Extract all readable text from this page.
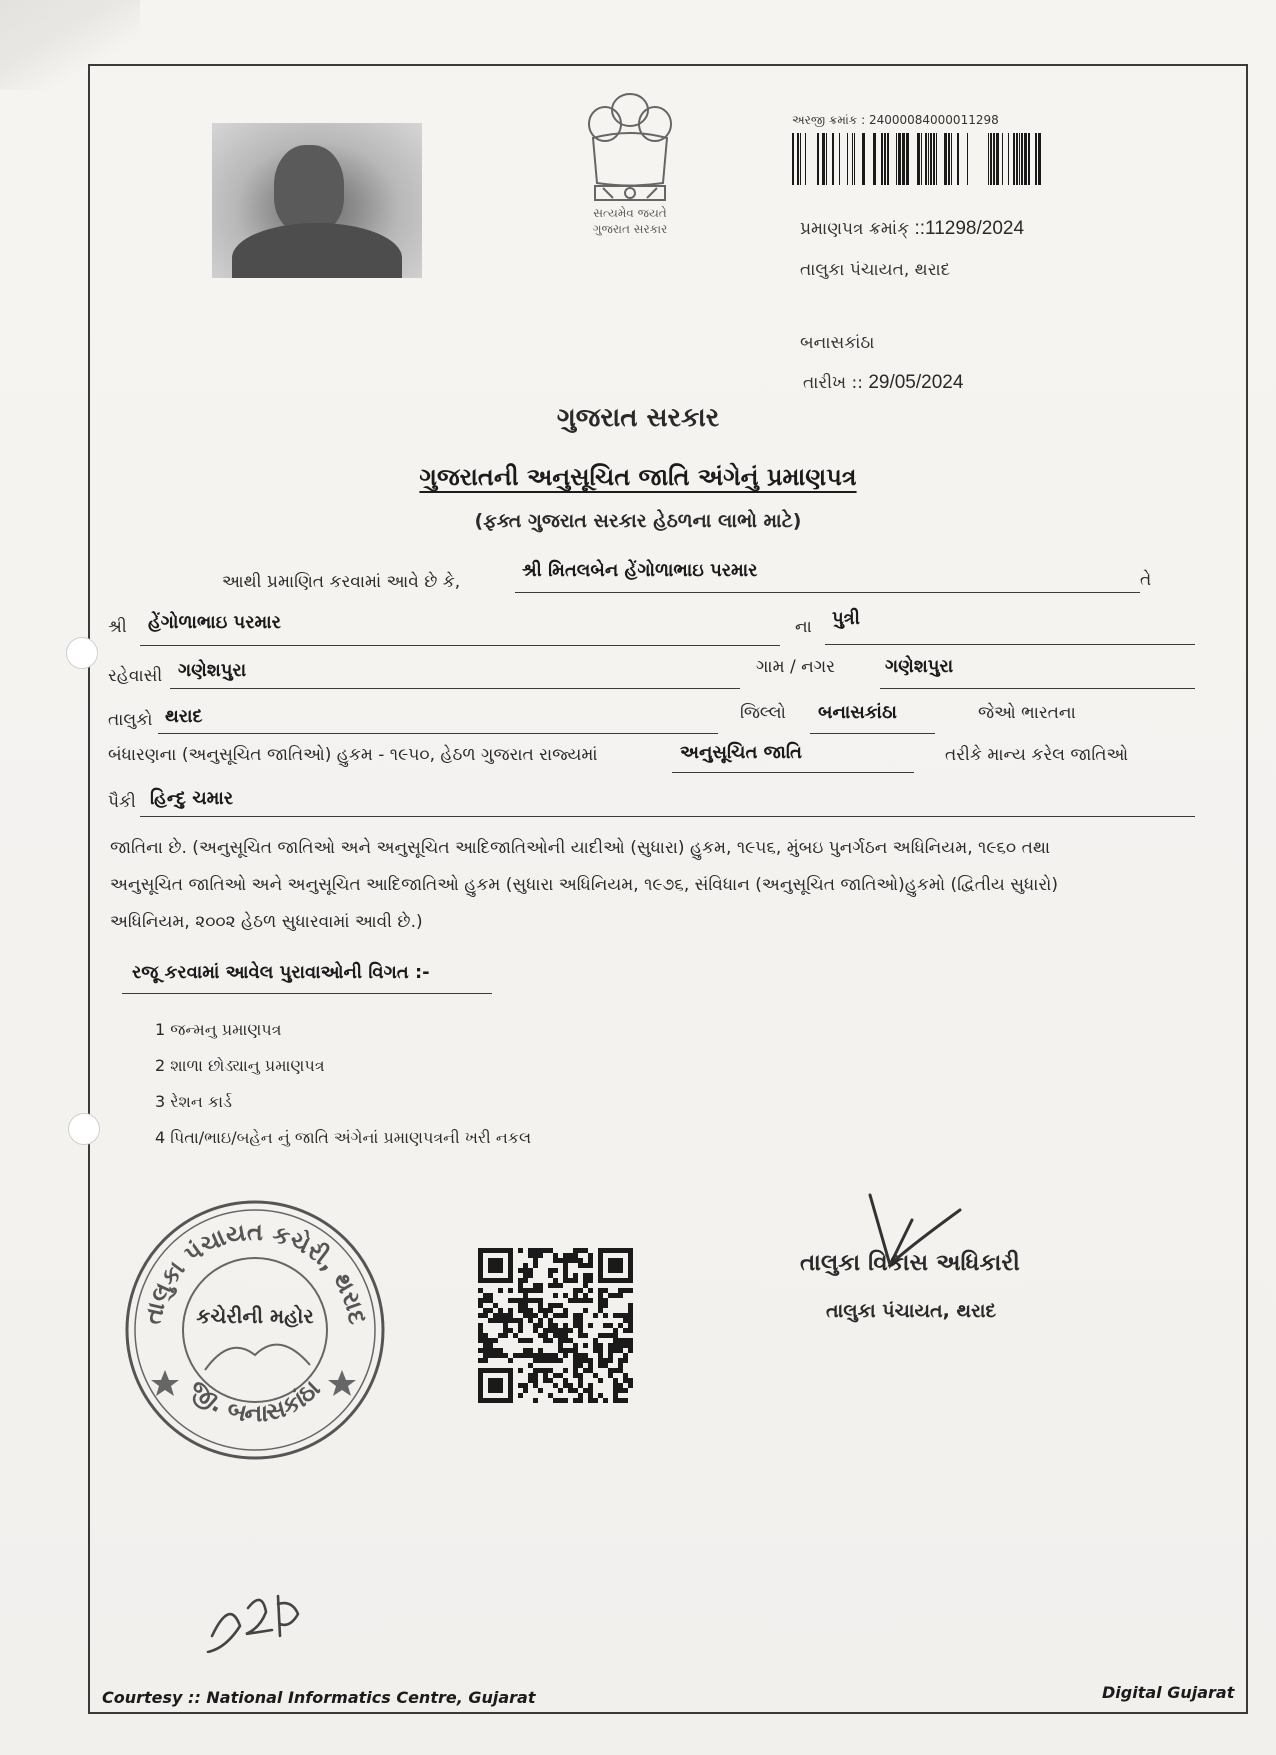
સત્યમેવ જયતે
ગુજરાત સરકાર
અરજી ક્રમાંક : 24000084000011298
પ્રમાણપત્ર ક્રમાંક્ ::11298/2024
તાલુકા પંચાયત, થરાદ
બનાસકાંઠા
તારીખ :: 29/05/2024
ગુજરાત સરકાર
ગુજરાતની અનુસૂચિત જાતિ અંગેનું પ્રમાણપત્ર
(ફક્ત ગુજરાત સરકાર હેઠળના લાભો માટે)
આથી પ્રમાણિત કરવામાં આવે છે કે,
શ્રી મિતલબેન હેંગોળાભાઇ પરમાર	તે
શ્રી હેંગોળાભાઇ પરમાર	ના પુત્રી
રહેવાસી ગણેશપુરા	ગામ / નગર	ગણેશપુરા
તાલુકો થરાદ	જિલ્લો બનાસકાંઠા	જેઓ ભારતના
બંધારણના (અનુસૂચિત જાતિઓ) હુકમ - ૧૯૫૦, હેઠળ ગુજરાત રાજ્યમાં	અનુસૂચિત જાતિ	તરીકે માન્ય કરેલ જાતિઓ
પૈકી હિન્દુ ચમાર
જાતિના છે. (અનુસૂચિત જાતિઓ અને અનુસૂચિત આદિજાતિઓની યાદીઓ (સુધારા) હુકમ, ૧૯૫૬, મુંબઇ પુનર્ગઠન અધિનિયમ, ૧૯૬૦ તથા
અનુસૂચિત જાતિઓ અને અનુસૂચિત આદિજાતિઓ હુકમ (સુધારા અધિનિયમ, ૧૯૭૬, સંવિધાન (અનુસૂચિત જાતિઓ)હુકમો (દ્વિતીય સુધારો)
અધિનિયમ, ૨૦૦૨ હેઠળ સુધારવામાં આવી છે.)
રજૂ કરવામાં આવેલ પુરાવાઓની વિગત :-
1 જન્મનુ પ્રમાણપત્ર
2 શાળા છોડ્યાનુ પ્રમાણપત્ર
3 રેશન કાર્ડ
4 પિતા/ભાઇ/બહેન નું જાતિ અંગેનાં પ્રમાણપત્રની ખરી નકલ
તાલુકા પંચાયત કચેરી, થરાદ
જી. બનાસકાંઠા
કચેરીની મહોર
તાલુકા વિકાસ અધિકારી
તાલુકા પંચાયત, થરાદ
Courtesy :: National Informatics Centre, Gujarat	Digital Gujarat
